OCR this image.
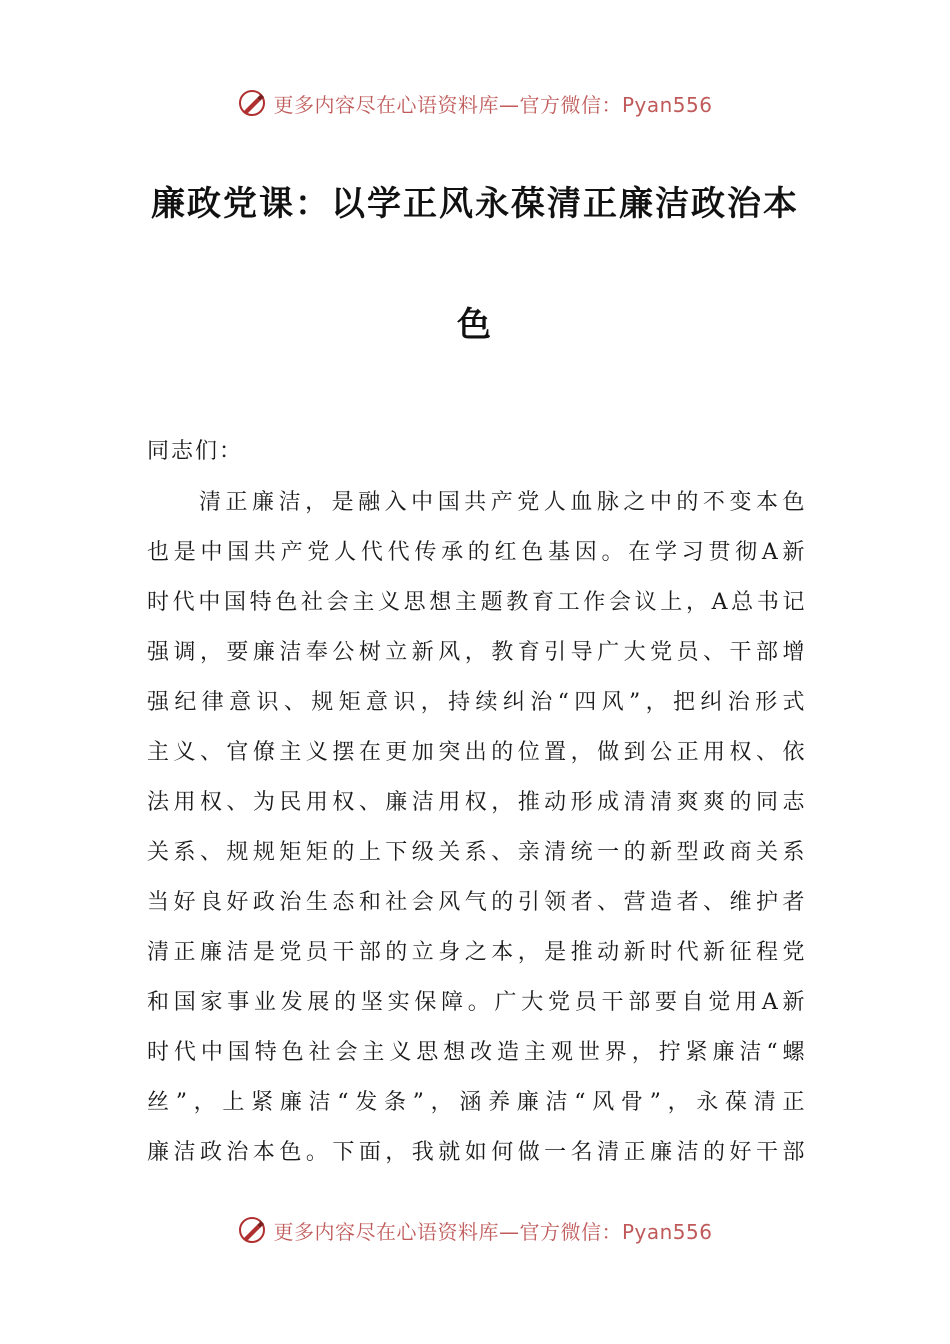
更多内容尽在心语资料库—官方微信：Pyan556
廉政党课：以学正风永葆清正廉洁政治本
色
同志们：
清正廉洁，是融入中国共产党人血脉之中的不变本色
也是中国共产党人代代传承的红色基因。在学习贯彻A新
时代中国特色社会主义思想主题教育工作会议上，A总书记
强调，要廉洁奉公树立新风，教育引导广大党员、干部增
强纪律意识、规矩意识，持续纠治“四风”，把纠治形式
主义、官僚主义摆在更加突出的位置，做到公正用权、依
法用权、为民用权、廉洁用权，推动形成清清爽爽的同志
关系、规规矩矩的上下级关系、亲清统一的新型政商关系
当好良好政治生态和社会风气的引领者、营造者、维护者
清正廉洁是党员干部的立身之本，是推动新时代新征程党
和国家事业发展的坚实保障。广大党员干部要自觉用A新
时代中国特色社会主义思想改造主观世界，拧紧廉洁“螺
丝”，上紧廉洁“发条”，涵养廉洁“风骨”，永葆清正
廉洁政治本色。下面，我就如何做一名清正廉洁的好干部
更多内容尽在心语资料库—官方微信：Pyan556
